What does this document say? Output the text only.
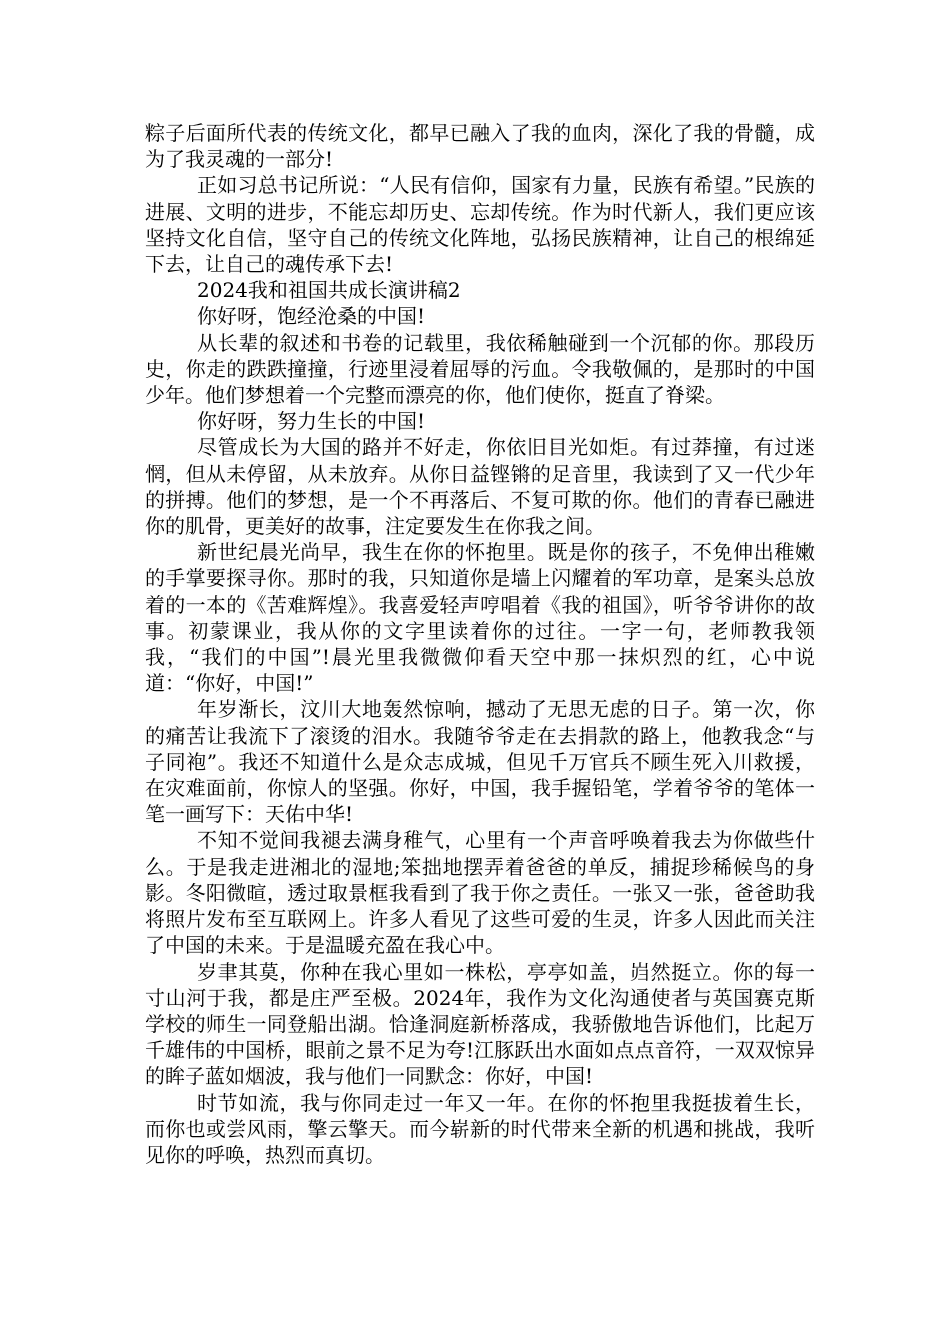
粽子后面所代表的传统文化，都早已融入了我的血肉，深化了我的骨髓，成为了我灵魂的一部分!

正如习总书记所说：“人民有信仰，国家有力量，民族有希望。”民族的进展、文明的进步，不能忘却历史、忘却传统。作为时代新人，我们更应该坚持文化自信，坚守自己的传统文化阵地，弘扬民族精神，让自己的根绵延下去，让自己的魂传承下去!

2024我和祖国共成长演讲稿2

你好呀，饱经沧桑的中国!

从长辈的叙述和书卷的记载里，我依稀触碰到一个沉郁的你。那段历史，你走的跌跌撞撞，行迹里浸着屈辱的污血。令我敬佩的，是那时的中国少年。他们梦想着一个完整而漂亮的你，他们使你，挺直了脊梁。

你好呀，努力生长的中国!

尽管成长为大国的路并不好走，你依旧目光如炬。有过莽撞，有过迷惘，但从未停留，从未放弃。从你日益铿锵的足音里，我读到了又一代少年的拼搏。他们的梦想，是一个不再落后、不复可欺的你。他们的青春已融进你的肌骨，更美好的故事，注定要发生在你我之间。

新世纪晨光尚早，我生在你的怀抱里。既是你的孩子，不免伸出稚嫩的手掌要探寻你。那时的我，只知道你是墙上闪耀着的军功章，是案头总放着的一本的《苦难辉煌》。我喜爱轻声哼唱着《我的祖国》，听爷爷讲你的故事。初蒙课业，我从你的文字里读着你的过往。一字一句，老师教我领我，“我们的中国”!晨光里我微微仰看天空中那一抹炽烈的红，心中说道：“你好，中国!”

年岁渐长，汶川大地轰然惊响，撼动了无思无虑的日子。第一次，你的痛苦让我流下了滚烫的泪水。我随爷爷走在去捐款的路上，他教我念“与子同袍”。我还不知道什么是众志成城，但见千万官兵不顾生死入川救援，在灾难面前，你惊人的坚强。你好，中国，我手握铅笔，学着爷爷的笔体一笔一画写下：天佑中华!

不知不觉间我褪去满身稚气，心里有一个声音呼唤着我去为你做些什么。于是我走进湘北的湿地;笨拙地摆弄着爸爸的单反，捕捉珍稀候鸟的身影。冬阳微暄，透过取景框我看到了我于你之责任。一张又一张，爸爸助我将照片发布至互联网上。许多人看见了这些可爱的生灵，许多人因此而关注了中国的未来。于是温暖充盈在我心中。

岁聿其莫，你种在我心里如一株松，亭亭如盖，岿然挺立。你的每一寸山河于我，都是庄严至极。2024年，我作为文化沟通使者与英国赛克斯学校的师生一同登船出湖。恰逢洞庭新桥落成，我骄傲地告诉他们，比起万千雄伟的中国桥，眼前之景不足为夸!江豚跃出水面如点点音符，一双双惊异的眸子蓝如烟波，我与他们一同默念：你好，中国!

时节如流，我与你同走过一年又一年。在你的怀抱里我挺拔着生长，而你也或尝风雨，擎云擎天。而今崭新的时代带来全新的机遇和挑战，我听见你的呼唤，热烈而真切。
